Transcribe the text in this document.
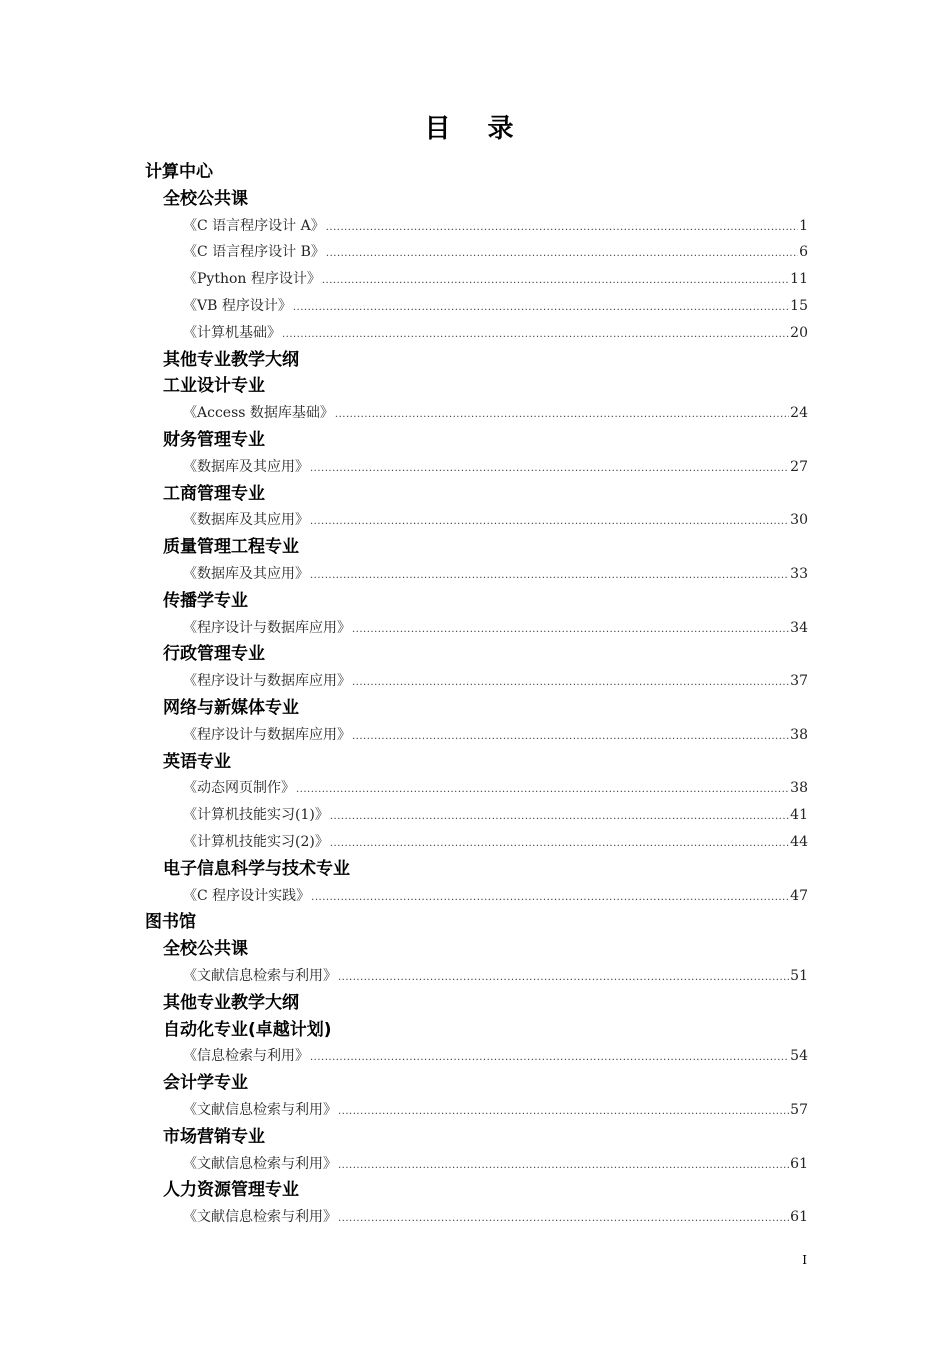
目 录
计算中心
全校公共课
《C 语言程序设计 A》 .....	1
《C 语言程序设计 B》 .....	6
《Python 程序设计》 .....	11
《VB 程序设计》 .....	15
《计算机基础》 .....	20
其他专业教学大纲
工业设计专业
《Access 数据库基础》 .....	24
财务管理专业
《数据库及其应用》 .....	27
工商管理专业
《数据库及其应用》 .....	30
质量管理工程专业
《数据库及其应用》 .....	33
传播学专业
《程序设计与数据库应用》 .....	34
行政管理专业
《程序设计与数据库应用》 .....	37
网络与新媒体专业
《程序设计与数据库应用》 .....	38
英语专业
《动态网页制作》 .....	38
《计算机技能实习(1)》 .....	41
《计算机技能实习(2)》 .....	44
电子信息科学与技术专业
《C 程序设计实践》 .....	47
图书馆
全校公共课
《文献信息检索与利用》 .....	51
其他专业教学大纲
自动化专业(卓越计划)
《信息检索与利用》 .....	54
会计学专业
《文献信息检索与利用》 .....	57
市场营销专业
《文献信息检索与利用》 .....	61
人力资源管理专业
《文献信息检索与利用》 .....	61
I
